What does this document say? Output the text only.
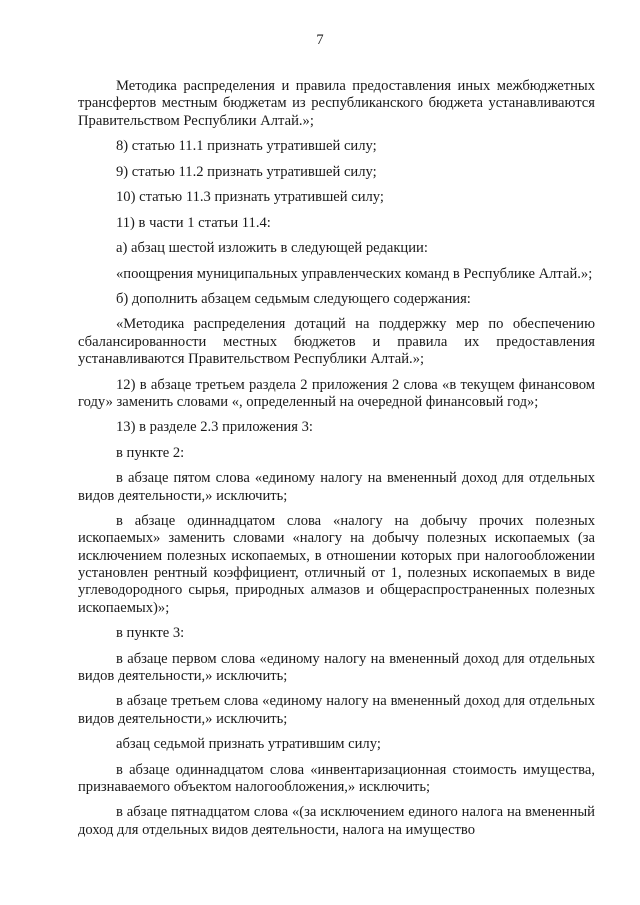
7

Методика распределения и правила предоставления иных межбюджетных трансфертов местным бюджетам из республиканского бюджета устанавливаются Правительством Республики Алтай.»;

8) статью 11.1 признать утратившей силу;

9) статью 11.2 признать утратившей силу;

10) статью 11.3 признать утратившей силу;

11) в части 1 статьи 11.4:

а) абзац шестой изложить в следующей редакции:

«поощрения муниципальных управленческих команд в Республике Алтай.»;

б) дополнить абзацем седьмым следующего содержания:

«Методика распределения дотаций на поддержку мер по обеспечению сбалансированности местных бюджетов и правила их предоставления устанавливаются Правительством Республики Алтай.»;

12) в абзаце третьем раздела 2 приложения 2 слова «в текущем финансовом году» заменить словами «, определенный на очередной финансовый год»;

13) в разделе 2.3 приложения 3:

в пункте 2:

в абзаце пятом слова «единому налогу на вмененный доход для отдельных видов деятельности,» исключить;

в абзаце одиннадцатом слова «налогу на добычу прочих полезных ископаемых» заменить словами «налогу на добычу полезных ископаемых (за исключением полезных ископаемых, в отношении которых при налогообложении установлен рентный коэффициент, отличный от 1, полезных ископаемых в виде углеводородного сырья, природных алмазов и общераспространенных полезных ископаемых)»;

в пункте 3:

в абзаце первом слова «единому налогу на вмененный доход для отдельных видов деятельности,» исключить;

в абзаце третьем слова «единому налогу на вмененный доход для отдельных видов деятельности,» исключить;

абзац седьмой признать утратившим силу;

в абзаце одиннадцатом слова «инвентаризационная стоимость имущества, признаваемого объектом налогообложения,» исключить;

в абзаце пятнадцатом слова «(за исключением единого налога на вмененный доход для отдельных видов деятельности, налога на имущество
